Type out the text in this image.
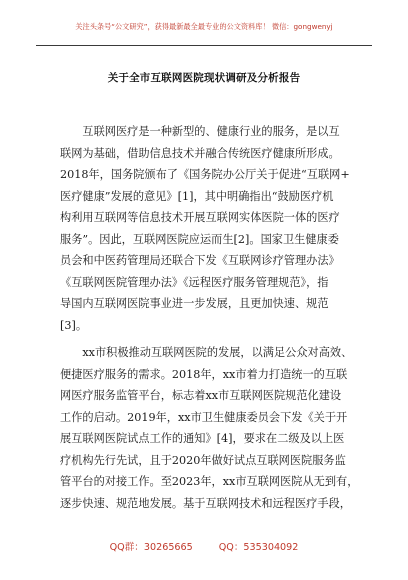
关注头条号“公文研究”，获得最新最全最专业的公文资料库！ 微信：gongwenyj
关于全市互联网医院现状调研及分析报告
　　互联网医疗是一种新型的、健康行业的服务，是以互
联网为基础，借助信息技术并融合传统医疗健康所形成。
2018年，国务院颁布了《国务院办公厅关于促进“互联网+
医疗健康”发展的意见》[1]，其中明确指出“鼓励医疗机
构利用互联网等信息技术开展互联网实体医院一体的医疗
服务”。因此，互联网医院应运而生[2]。国家卫生健康委
员会和中医药管理局还联合下发《互联网诊疗管理办法》
《互联网医院管理办法》《远程医疗服务管理规范》，指
导国内互联网医院事业进一步发展，且更加快速、规范
[3]。
　　xx市积极推动互联网医院的发展，以满足公众对高效、
便捷医疗服务的需求。2018年，xx市着力打造统一的互联
网医疗服务监管平台，标志着xx市互联网医院规范化建设
工作的启动。2019年，xx市卫生健康委员会下发《关于开
展互联网医院试点工作的通知》[4]，要求在二级及以上医
疗机构先行先试，且于2020年做好试点互联网医院服务监
管平台的对接工作。至2023年，xx市互联网医院从无到有，
逐步快速、规范地发展。基于互联网技术和远程医疗手段，
QQ群：30265665	QQ：535304092
